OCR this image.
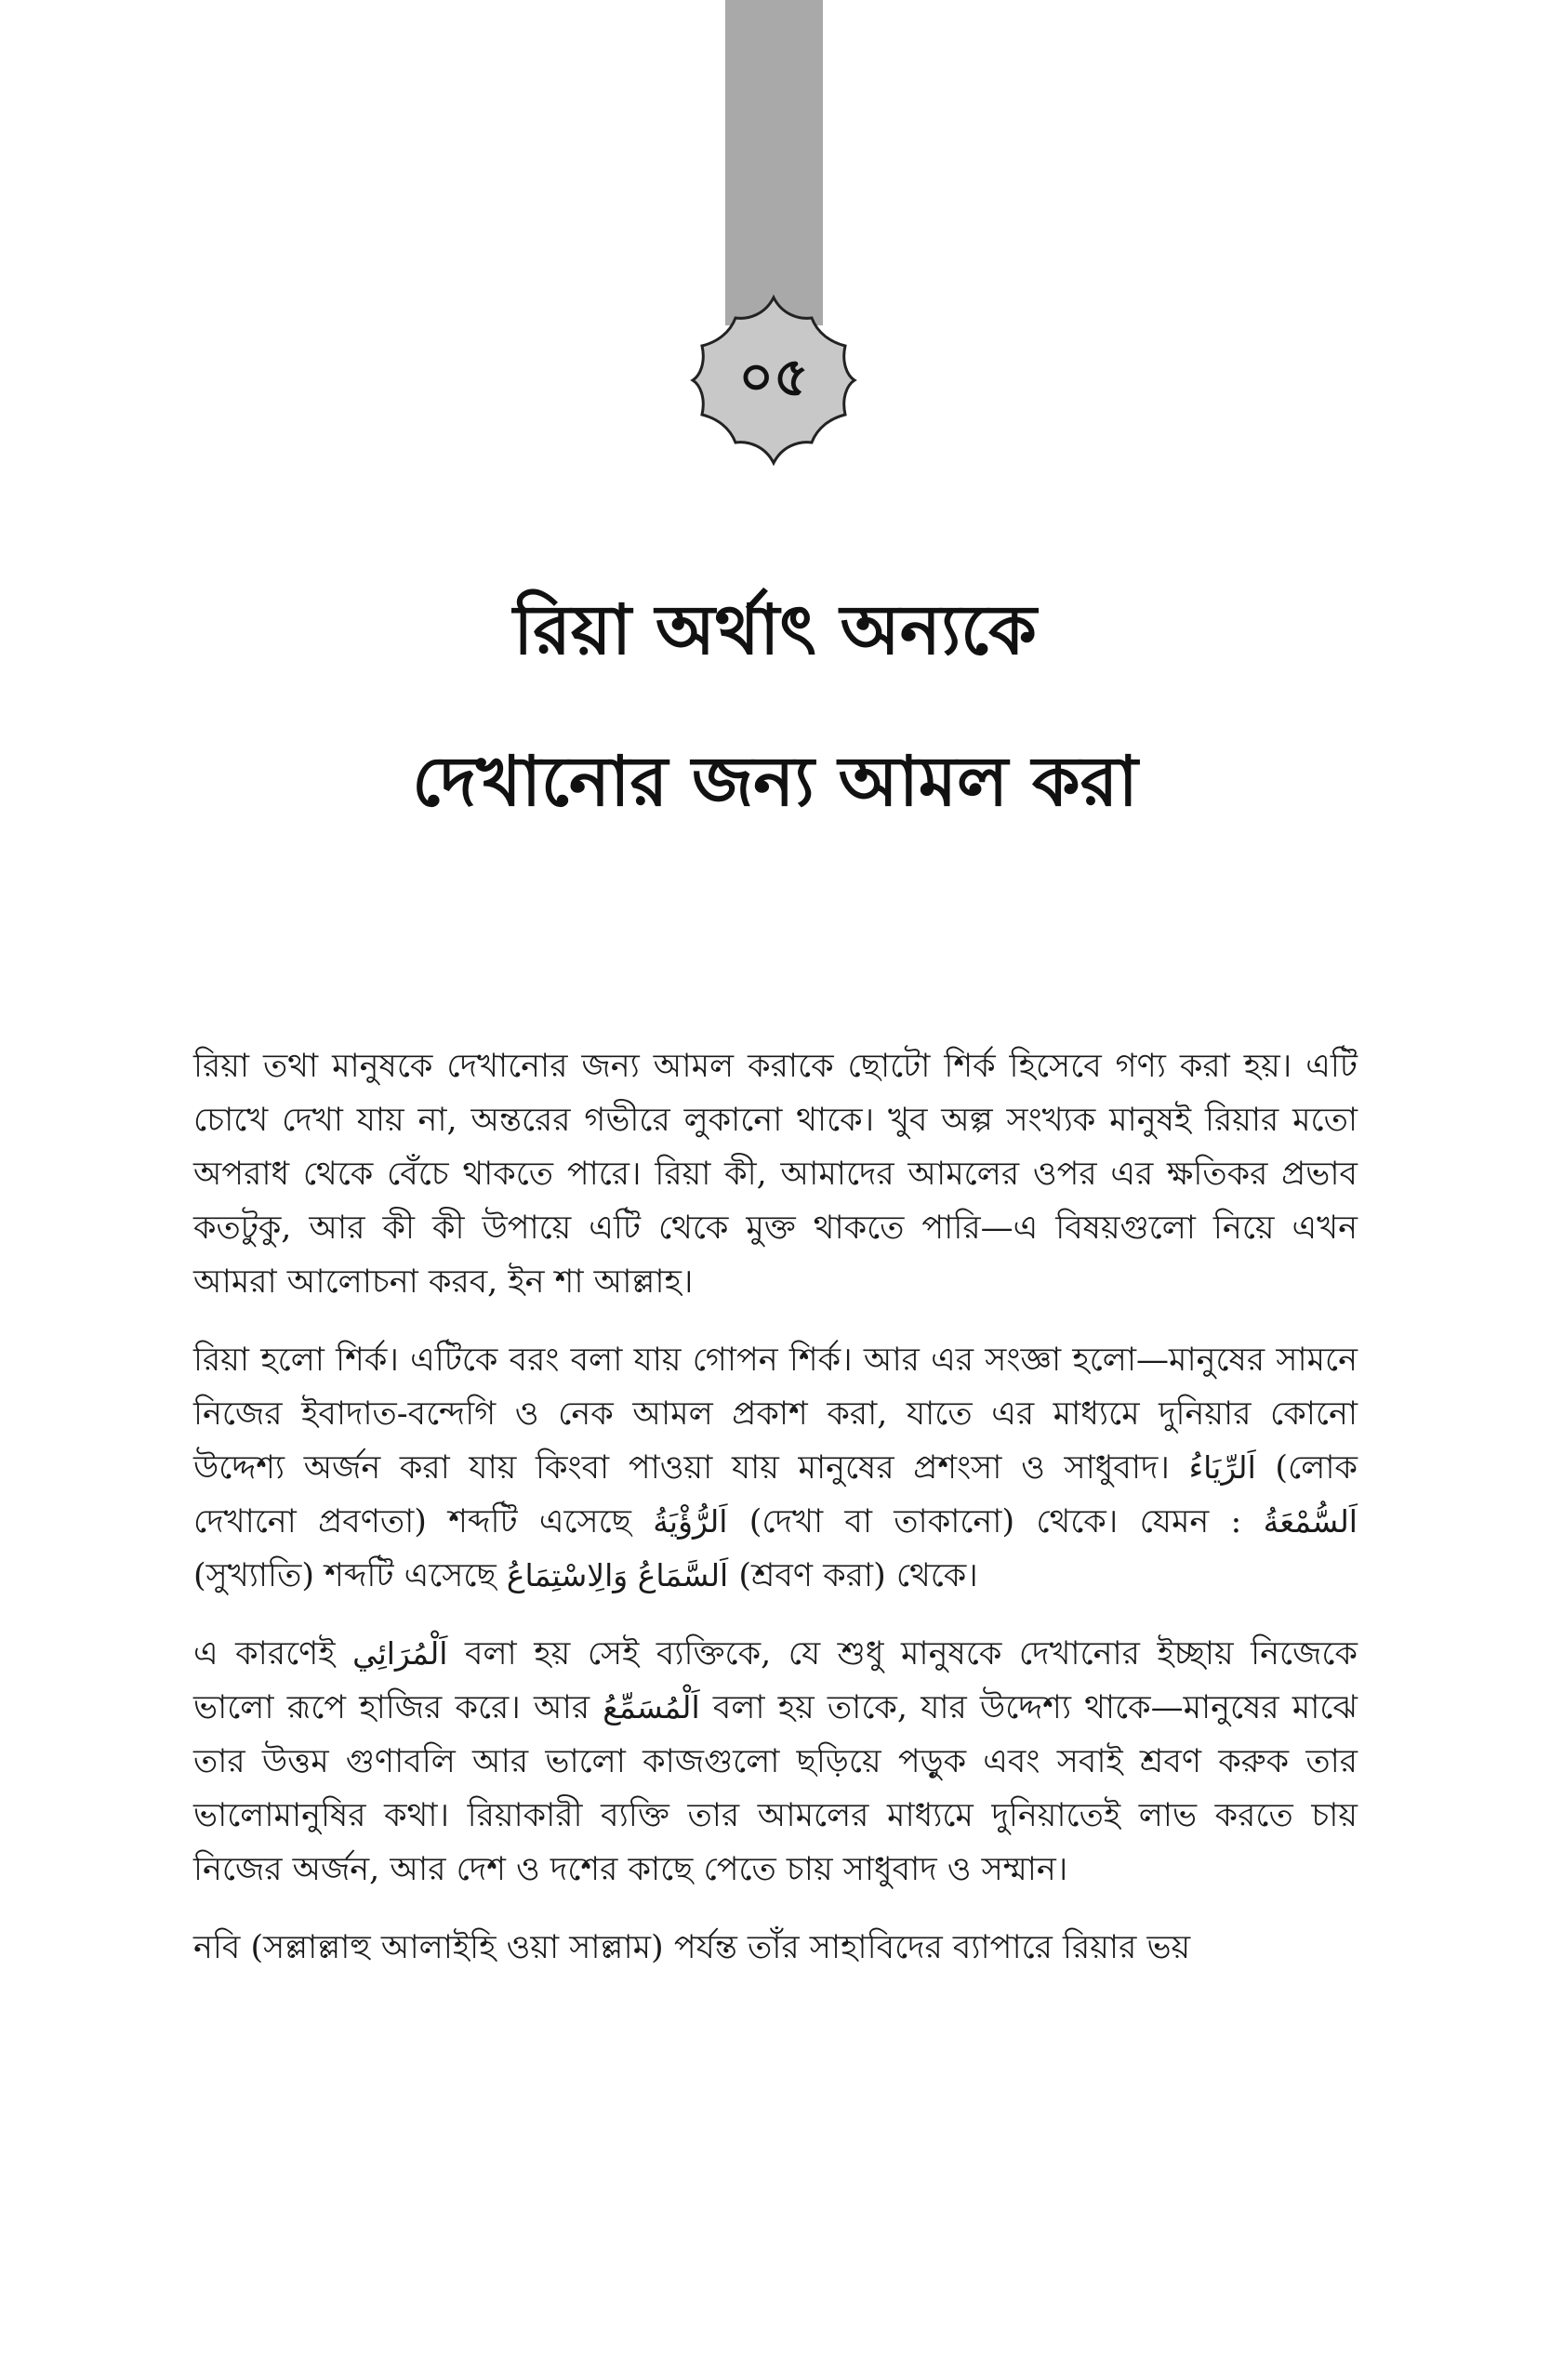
০৫
রিয়া অর্থাৎ অন্যকে
দেখানোর জন্য আমল করা

রিয়া তথা মানুষকে দেখানোর জন্য আমল করাকে ছোটো শির্ক হিসেবে গণ্য করা হয়। এটি চোখে দেখা যায় না, অন্তরের গভীরে লুকানো থাকে। খুব অল্প সংখ্যক মানুষই রিয়ার মতো অপরাধ থেকে বেঁচে থাকতে পারে। রিয়া কী, আমাদের আমলের ওপর এর ক্ষতিকর প্রভাব কতটুকু, আর কী কী উপায়ে এটি থেকে মুক্ত থাকতে পারি—এ বিষয়গুলো নিয়ে এখন আমরা আলোচনা করব, ইন শা আল্লাহ।

রিয়া হলো শির্ক। এটিকে বরং বলা যায় গোপন শির্ক। আর এর সংজ্ঞা হলো—মানুষের সামনে নিজের ইবাদাত-বন্দেগি ও নেক আমল প্রকাশ করা, যাতে এর মাধ্যমে দুনিয়ার কোনো উদ্দেশ্য অর্জন করা যায় কিংবা পাওয়া যায় মানুষের প্রশংসা ও সাধুবাদ। اَلرِّيَاءُ (লোক দেখানো প্রবণতা) শব্দটি এসেছে اَلرُّؤْيَةُ (দেখা বা তাকানো) থেকে। যেমন : اَلسُّمْعَةُ (সুখ্যাতি) শব্দটি এসেছে اَلسَّمَاعُ وَالِاسْتِمَاعُ (শ্রবণ করা) থেকে।

এ কারণেই اَلْمُرَائِي বলা হয় সেই ব্যক্তিকে, যে শুধু মানুষকে দেখানোর ইচ্ছায় নিজেকে ভালো রূপে হাজির করে। আর اَلْمُسَمِّعُ বলা হয় তাকে, যার উদ্দেশ্য থাকে—মানুষের মাঝে তার উত্তম গুণাবলি আর ভালো কাজগুলো ছড়িয়ে পড়ুক এবং সবাই শ্রবণ করুক তার ভালোমানুষির কথা। রিয়াকারী ব্যক্তি তার আমলের মাধ্যমে দুনিয়াতেই লাভ করতে চায় নিজের অর্জন, আর দেশ ও দশের কাছে পেতে চায় সাধুবাদ ও সম্মান।

নবি (সল্লাল্লাহু আলাইহি ওয়া সাল্লাম) পর্যন্ত তাঁর সাহাবিদের ব্যাপারে রিয়ার ভয়
